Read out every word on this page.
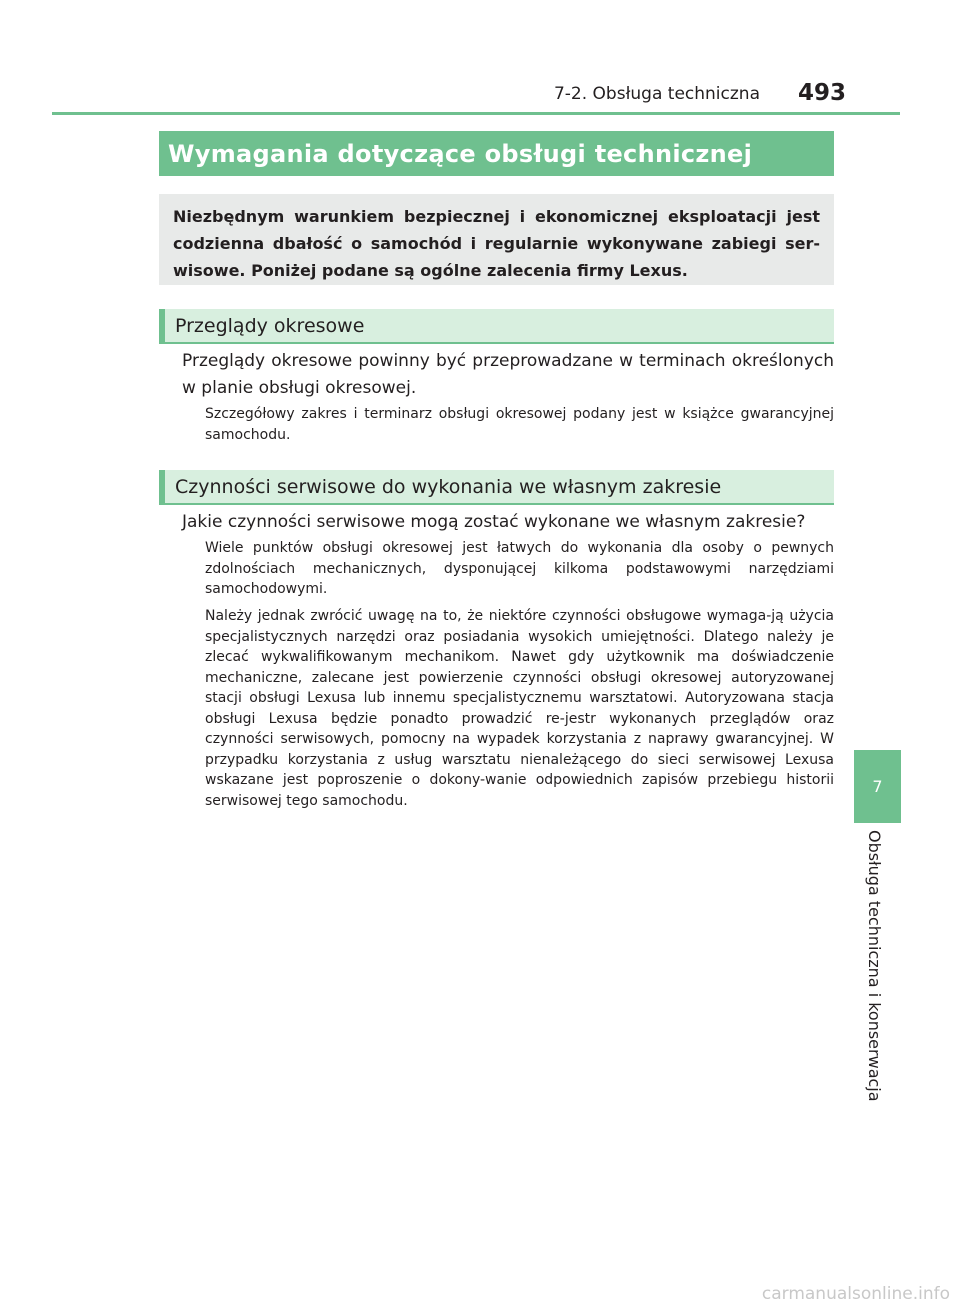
7-2. Obsługa techniczna	493
Wymagania dotyczące obsługi technicznej
Niezbędnym warunkiem bezpiecznej i ekonomicznej eksploatacji jest codzienna dbałość o samochód i regularnie wykonywane zabiegi ser-wisowe. Poniżej podane są ogólne zalecenia firmy Lexus.
Przeglądy okresowe
Przeglądy okresowe powinny być przeprowadzane w terminach określonych w planie obsługi okresowej.
Szczegółowy zakres i terminarz obsługi okresowej podany jest w książce gwarancyjnej samochodu.
Czynności serwisowe do wykonania we własnym zakresie
Jakie czynności serwisowe mogą zostać wykonane we własnym zakresie?
Wiele punktów obsługi okresowej jest łatwych do wykonania dla osoby o pewnych zdolnościach mechanicznych, dysponującej kilkoma podstawowymi narzędziami samochodowymi.
Należy jednak zwrócić uwagę na to, że niektóre czynności obsługowe wymaga-ją użycia specjalistycznych narzędzi oraz posiadania wysokich umiejętności. Dlatego należy je zlecać wykwalifikowanym mechanikom. Nawet gdy użytkownik ma doświadczenie mechaniczne, zalecane jest powierzenie czynności obsługi okresowej autoryzowanej stacji obsługi Lexusa lub innemu specjalistycznemu warsztatowi. Autoryzowana stacja obsługi Lexusa będzie ponadto prowadzić re-jestr wykonanych przeglądów oraz czynności serwisowych, pomocny na wypadek korzystania z naprawy gwarancyjnej. W przypadku korzystania z usług warsztatu nienależącego do sieci serwisowej Lexusa wskazane jest poproszenie o dokony-wanie odpowiednich zapisów przebiegu historii serwisowej tego samochodu.
7
Obsługa techniczna i konserwacja
carmanualsonline.info
